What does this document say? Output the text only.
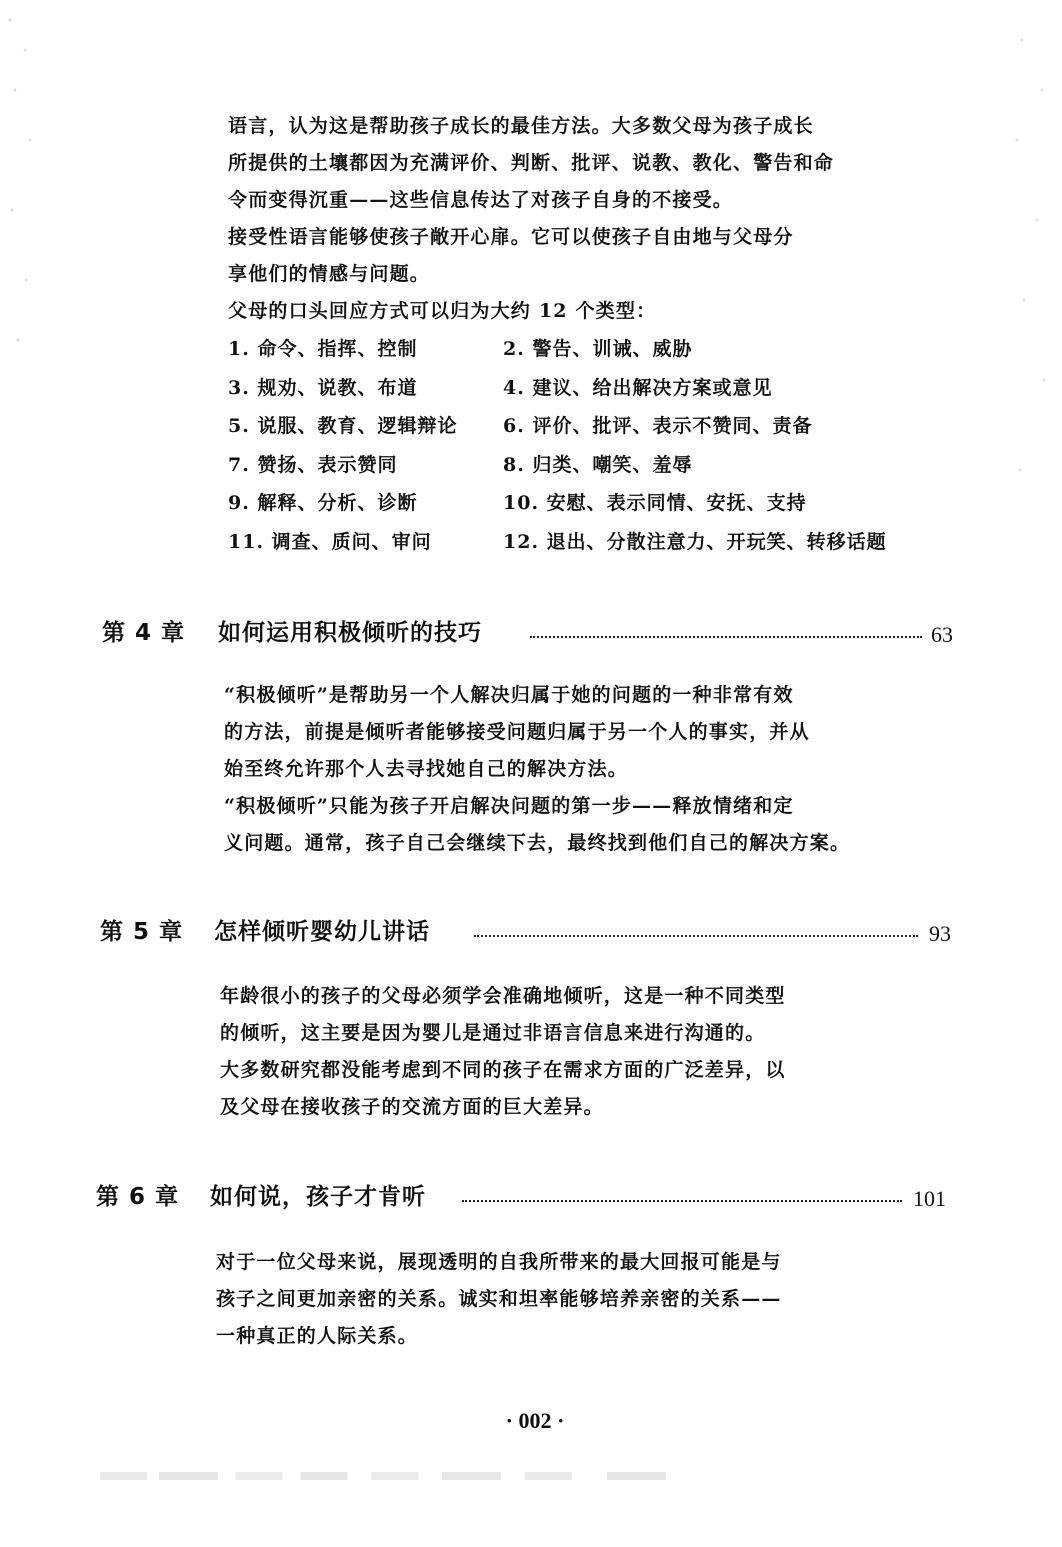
语言，认为这是帮助孩子成长的最佳方法。大多数父母为孩子成长
所提供的土壤都因为充满评价、判断、批评、说教、教化、警告和命
令而变得沉重——这些信息传达了对孩子自身的不接受。
接受性语言能够使孩子敞开心扉。它可以使孩子自由地与父母分
享他们的情感与问题。
父母的口头回应方式可以归为大约 12 个类型：
1. 命令、指挥、控制	2. 警告、训诫、威胁
3. 规劝、说教、布道	4. 建议、给出解决方案或意见
5. 说服、教育、逻辑辩论 6. 评价、批评、表示不赞同、责备
7. 赞扬、表示赞同	8. 归类、嘲笑、羞辱
9. 解释、分析、诊断	10. 安慰、表示同情、安抚、支持
11. 调查、质问、审问	12. 退出、分散注意力、开玩笑、转移话题
第 4 章 如何运用积极倾听的技巧	63
“积极倾听”是帮助另一个人解决归属于她的问题的一种非常有效
的方法，前提是倾听者能够接受问题归属于另一个人的事实，并从
始至终允许那个人去寻找她自己的解决方法。
“积极倾听”只能为孩子开启解决问题的第一步——释放情绪和定
义问题。通常，孩子自己会继续下去，最终找到他们自己的解决方案。
第 5 章 怎样倾听婴幼儿讲话	93
年龄很小的孩子的父母必须学会准确地倾听，这是一种不同类型
的倾听，这主要是因为婴儿是通过非语言信息来进行沟通的。
大多数研究都没能考虑到不同的孩子在需求方面的广泛差异，以
及父母在接收孩子的交流方面的巨大差异。
第 6 章 如何说，孩子才肯听	101
对于一位父母来说，展现透明的自我所带来的最大回报可能是与
孩子之间更加亲密的关系。诚实和坦率能够培养亲密的关系——
一种真正的人际关系。
· 002 ·
